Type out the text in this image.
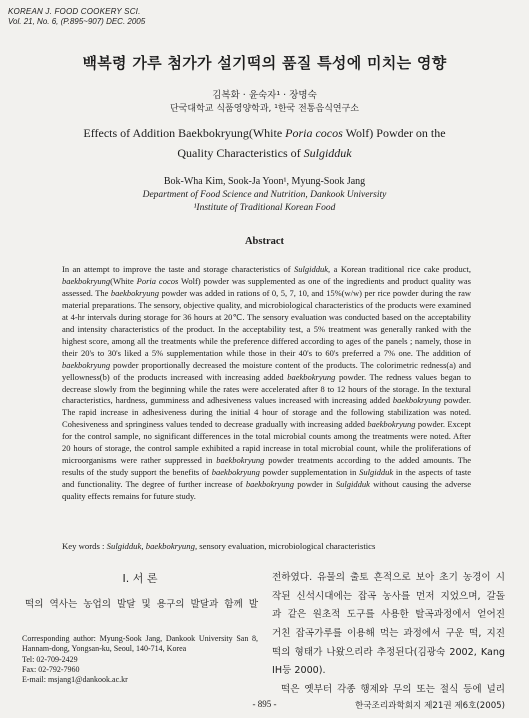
KOREAN J. FOOD COOKERY SCI.
Vol. 21, No. 6, (P.895~907) DEC. 2005
백복령 가루 첨가가 설기떡의 품질 특성에 미치는 영향
김복화 · 윤숙자¹ · 장명숙
단국대학교 식품영양학과, ¹한국 전통음식연구소
Effects of Addition Baekbokryung(White Poria cocos Wolf) Powder on the
Quality Characteristics of Sulgidduk
Bok-Wha Kim, Sook-Ja Yoon¹, Myung-Sook Jang
Department of Food Science and Nutrition, Dankook University
¹Institute of Traditional Korean Food
Abstract
In an attempt to improve the taste and storage characteristics of Sulgidduk, a Korean traditional rice cake product, baekbokryung(White Poria cocos Wolf) powder was supplemented as one of the ingredients and product quality was assessed. The baekbokryung powder was added in rations of 0, 5, 7, 10, and 15%(w/w) per rice powder during the raw material preparations. The sensory, objective quality, and microbiological characteristics of the products were examined at 4-hr intervals during storage for 36 hours at 20℃. The sensory evaluation was conducted based on the acceptability and intensity characteristics of the product. In the acceptability test, a 5% treatment was generally ranked with the highest score, among all the treatments while the preference differed according to ages of the panels ; namely, those in their 20's to 30's liked a 5% supplementation while those in their 40's to 60's preferred a 7% one. The addition of baekbokryung powder proportionally decreased the moisture content of the products. The colorimetric redness(a) and yellowness(b) of the products increased with increasing added baekbokryung powder. The redness values began to decrease slowly from the beginning while the rates were accelerated after 8 to 12 hours of the storage. In the textural characteristics, hardness, gumminess and adhesiveness values increased with increasing added baekbokryung powder. The rapid increase in adhesiveness during the initial 4 hour of storage and the following stabilization was noted. Cohesiveness and springiness values tended to decrease gradually with increasing added baekbokryung powder. Except for the control sample, no significant differences in the total microbial counts among the treatments were noted. After 20 hours of storage, the control sample exhibited a rapid increase in total microbial count, while the proliferations of microorganisms were rather suppressed in baekbokryung powder treatments according to the added amounts. The results of the study support the benefits of baekbokryung powder supplementation in Sulgidduk in the aspects of taste and functionality. The degree of further increase of baekbokryung powder in Sulgidduk without causing the adverse quality effects remains for future study.
Key words : Sulgidduk, baekbokryung, sensory evaluation, microbiological characteristics
Ⅰ. 서 론
떡의 역사는 농업의 발달 및 용구의 발달과 함께 발
Corresponding author: Myung-Sook Jang, Dankook University San 8, Hannam-dong, Yongsan-ku, Seoul, 140-714, Korea
Tel: 02-709-2429
Fax: 02-792-7960
E-mail: msjang1@dankook.ac.kr
전하였다. 유물의 출토 흔적으로 보아 초기 농경이 시
작된 신석시대에는 잡곡 농사를 먼저 지었으며, 갈돌
과 같은 원초적 도구를 사용한 탈곡과정에서 얻어진
거친 잡곡가루를 이용해 먹는 과정에서 구운 떡, 지진
떡의 형태가 나왔으리라 추정된다(김광숙 2002, Kang
IH등 2000).
떡은 옛부터 각종 행제와 무의 또는 절식 등에 널리
- 895 -	한국조리과학회지 제21권 제6호(2005)
